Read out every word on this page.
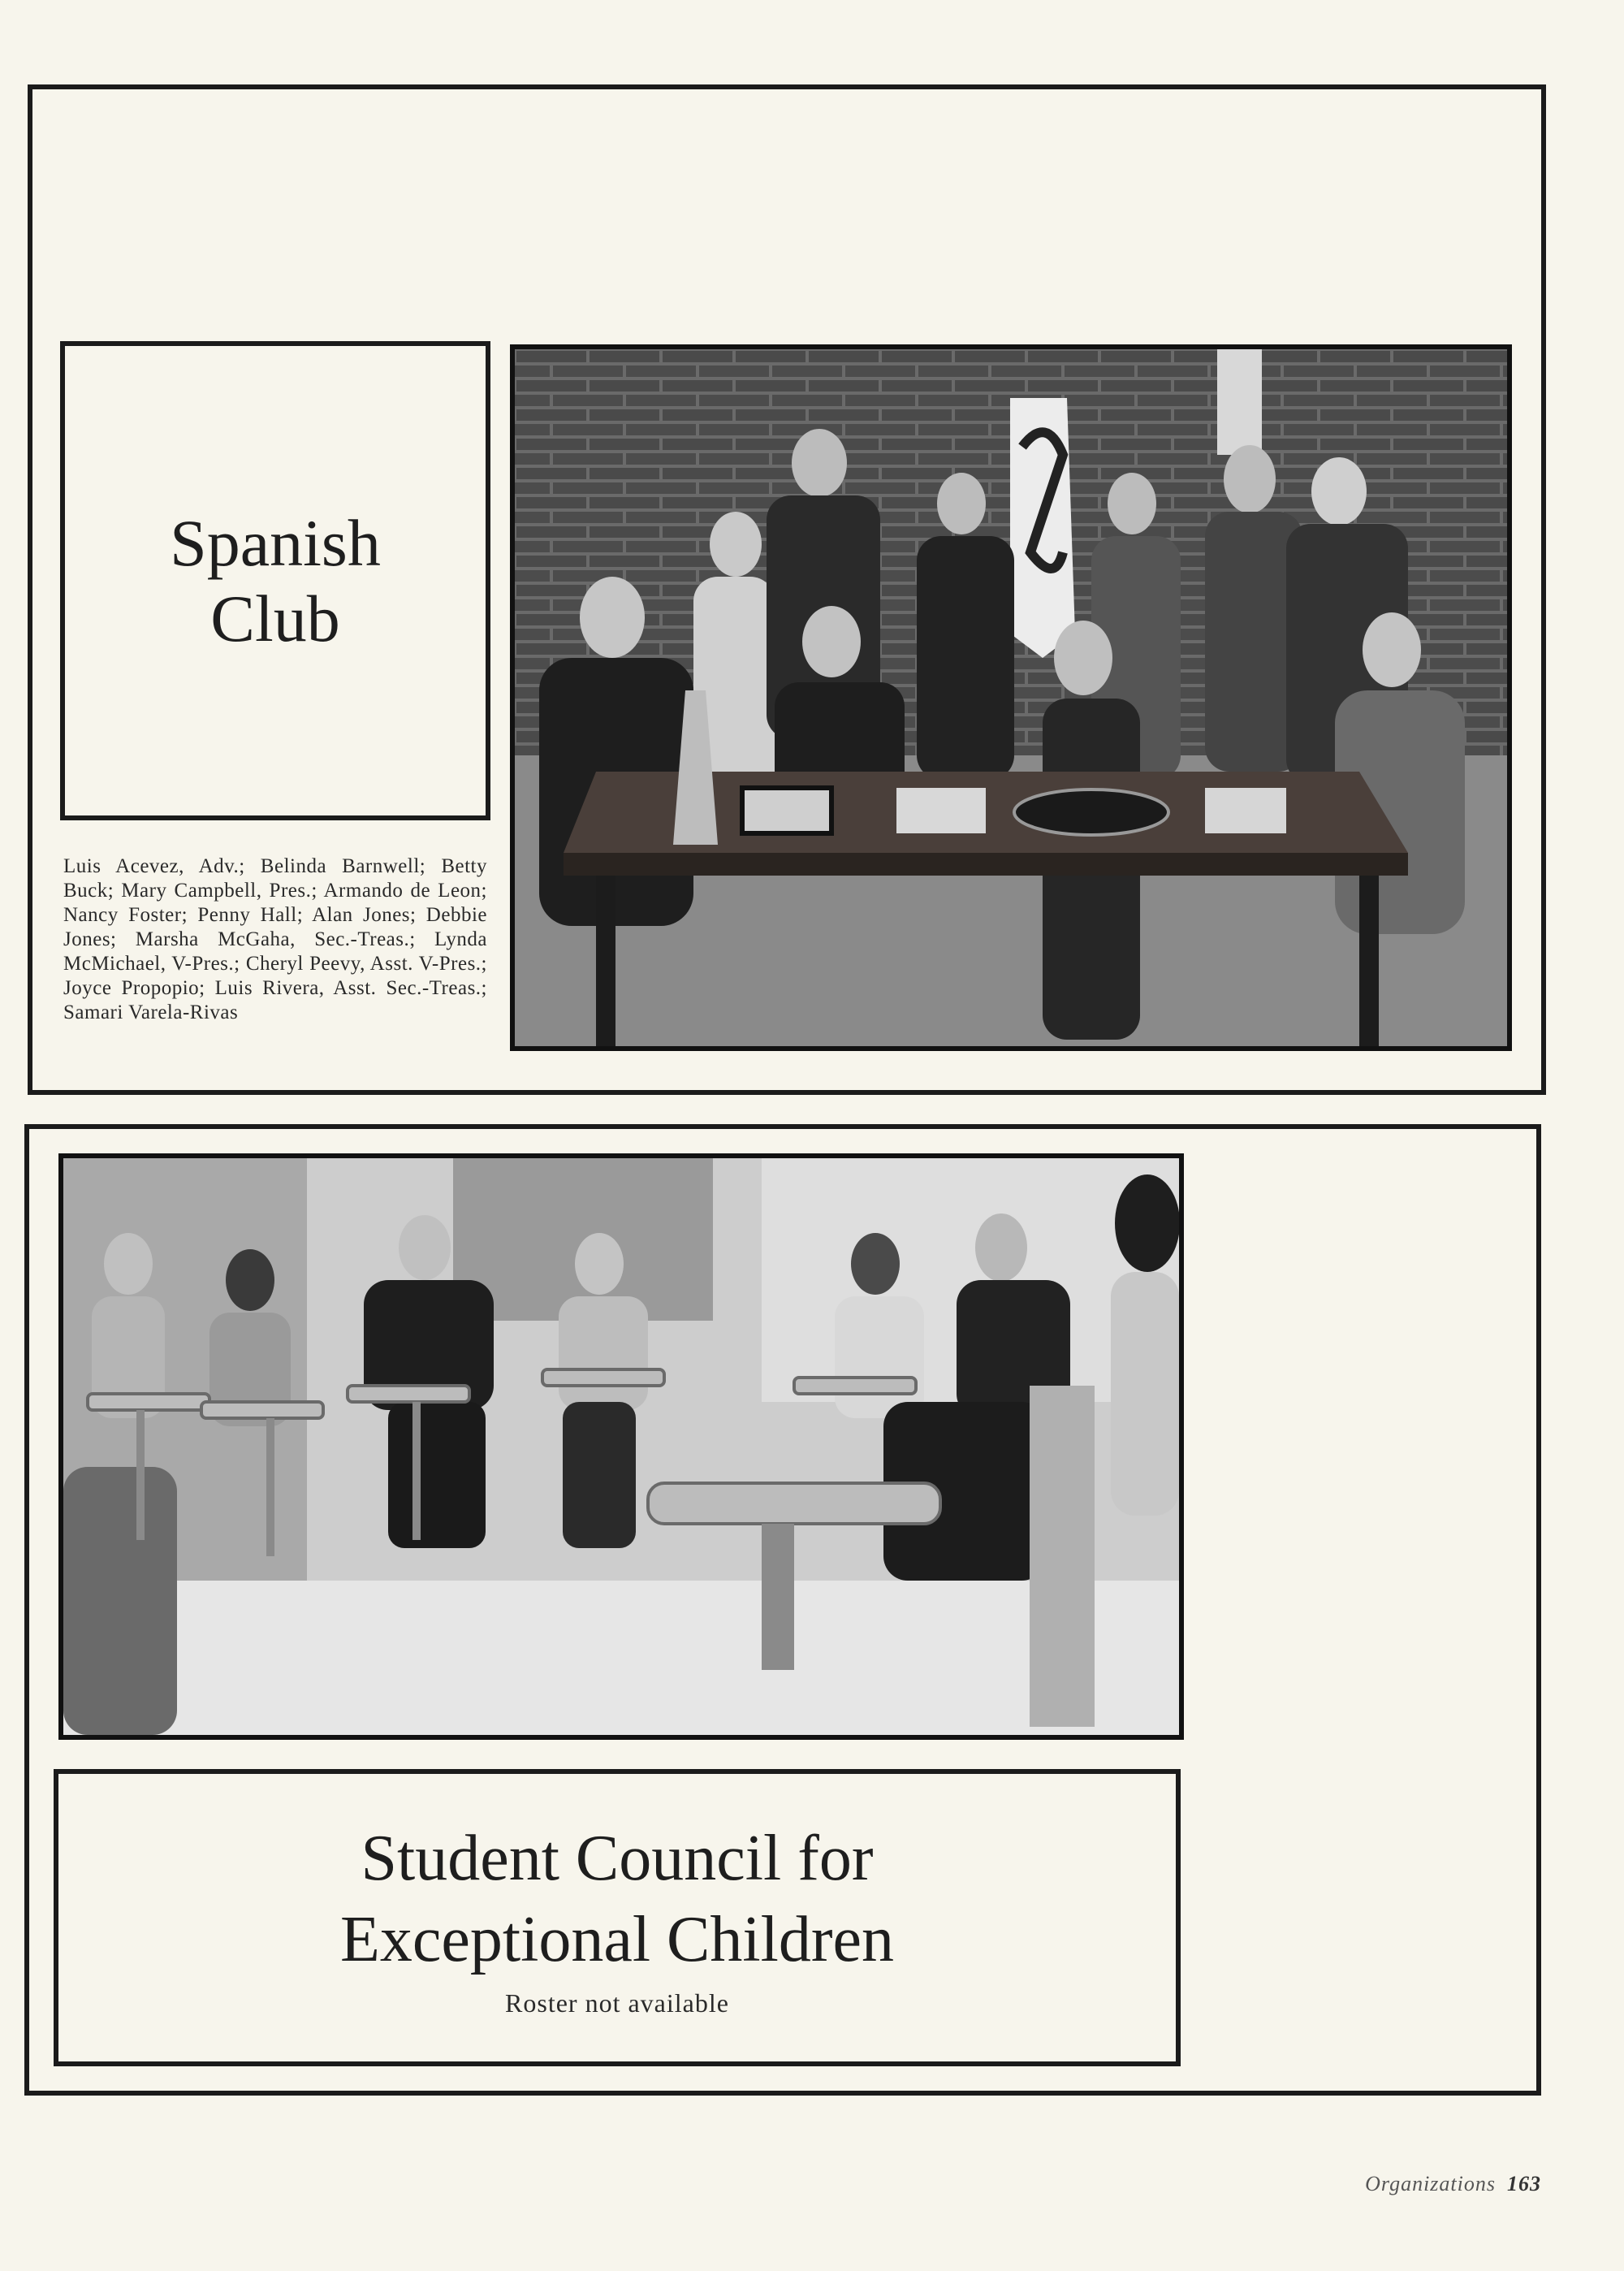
Spanish
Club
Luis Acevez, Adv.; Belinda Barnwell; Betty Buck; Mary Campbell, Pres.; Armando de Leon; Nancy Foster; Penny Hall; Alan Jones; Debbie Jones; Marsha McGaha, Sec.-Treas.; Lynda McMichael, V-Pres.; Cheryl Peevy, Asst. V-Pres.; Joyce Propopio; Luis Rivera, Asst. Sec.-Treas.; Samari Varela-Rivas
Student Council for
Exceptional Children
Roster not available
Organizations 163
